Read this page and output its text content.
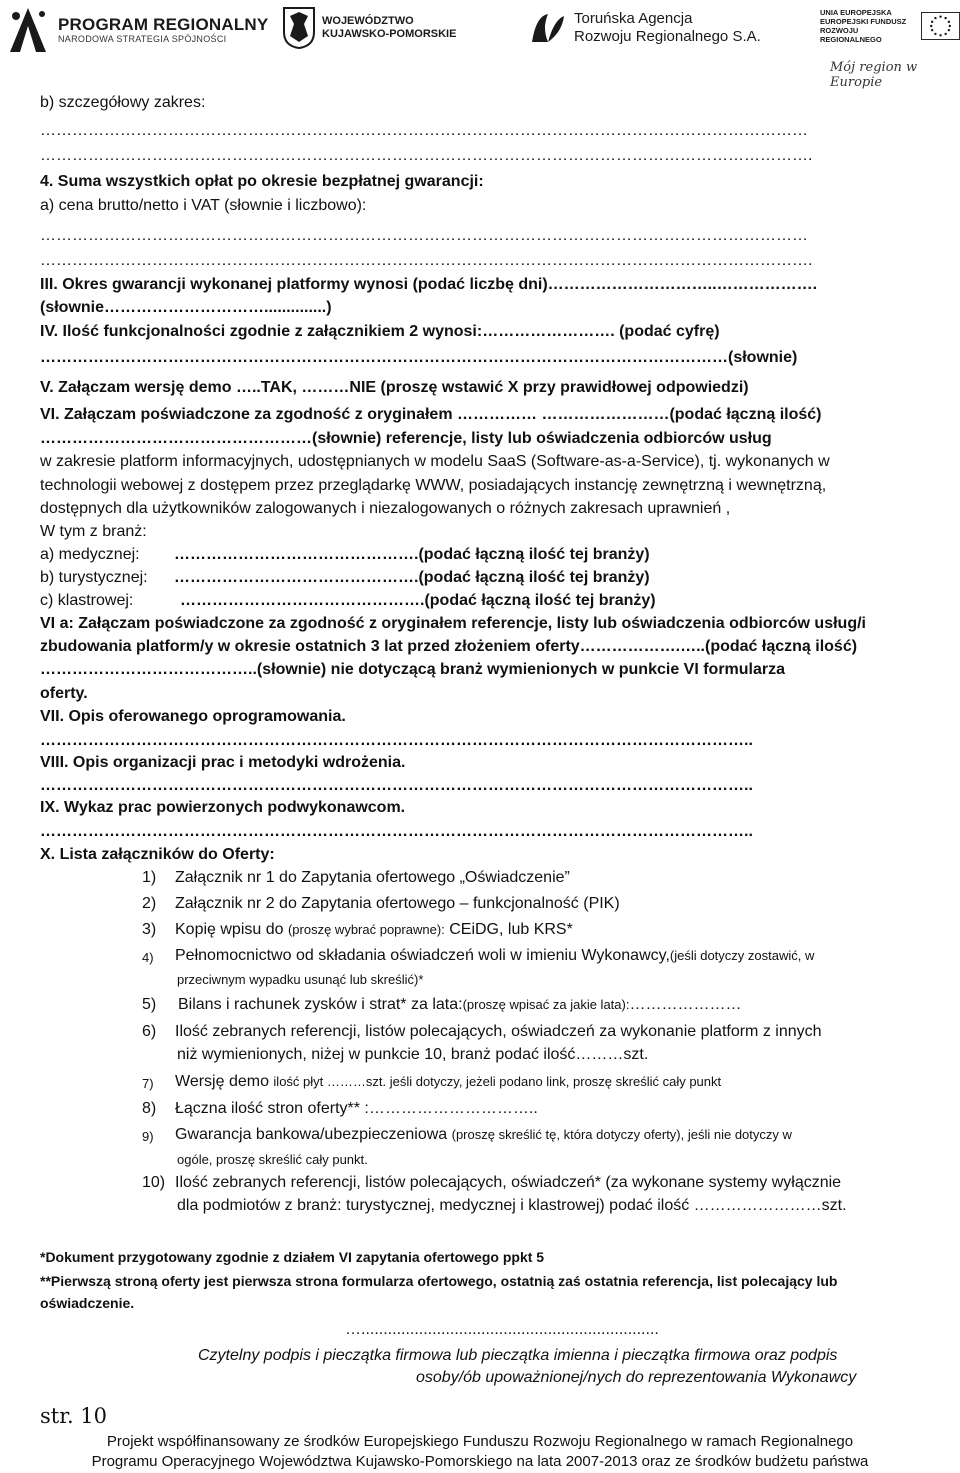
PROGRAM REGIONALNY
NARODOWA STRATEGIA SPÓJNOŚCI
WOJEWÓDZTWO
KUJAWSKO-POMORSKIE
Toruńska Agencja
Rozwoju Regionalnego S.A.
UNIA EUROPEJSKA
EUROPEJSKI FUNDUSZ
ROZWOJU REGIONALNEGO
Mój region w Europie
b) szczegółowy zakres:
………………………………………………………………………………………………………………………………
……………………………………………………………………………………………………………………………….
4. Suma wszystkich opłat po okresie bezpłatnej gwarancji:
a) cena brutto/netto i VAT (słownie i liczbowo):
………………………………………………………………………………………………………………………………
……………………………………………………………………………………………………………………………….
III. Okres gwarancji wykonanej platformy wynosi (podać liczbę dni)…………………………..……………….
(słownie…………………………..............)
IV. Ilość funkcjonalności zgodnie z załącznikiem 2 wynosi:……………………. (podać cyfrę)
…………………………………………………………………………………………………………………(słownie)
V. Załączam wersję demo …..TAK, ………NIE (proszę wstawić X przy prawidłowej odpowiedzi)
VI. Załączam poświadczone za zgodność z oryginałem …………… ……………………(podać łączną ilość)
……………………………………………(słownie) referencje, listy lub oświadczenia odbiorców usług
w zakresie platform informacyjnych, udostępnianych w modelu SaaS (Software-as-a-Service), tj. wykonanych w
technologii webowej z dostępem przez przeglądarkę WWW, posiadających instancję zewnętrzną i wewnętrzną,
dostępnych dla użytkowników zalogowanych i niezalogowanych o różnych zakresach uprawnień ,
W tym z branż:
a) medycznej: ……………………………………….(podać łączną ilość tej branży)
b) turystycznej: ……………………………………….(podać łączną ilość tej branży)
c) klastrowej:	……………………………………….(podać łączną ilość tej branży)
VI a: Załączam poświadczone za zgodność z oryginałem referencje, listy lub oświadczenia odbiorców usług/i
zbudowania platform/y w okresie ostatnich 3 lat przed złożeniem oferty……………….…..(podać łączną ilość)
…………………………………..(słownie) nie dotyczącą branż wymienionych w punkcie VI formularza
oferty.
VII. Opis oferowanego oprogramowania.
……………………………………………………………………………………………………………………..
VIII. Opis organizacji prac i metodyki wdrożenia.
……………………………………………………………………………………………………………………..
IX. Wykaz prac powierzonych podwykonawcom.
……………………………………………………………………………………………………………………..
X. Lista załączników do Oferty:
1) Załącznik nr 1 do Zapytania ofertowego „Oświadczenie”
2) Załącznik nr 2 do Zapytania ofertowego – funkcjonalność (PIK)
3) Kopię wpisu do (proszę wybrać poprawne): CEiDG, lub KRS*
4) Pełnomocnictwo od składania oświadczeń woli w imieniu Wykonawcy,(jeśli dotyczy zostawić, w
przeciwnym wypadku usunąć lub skreślić)*
5) Bilans i rachunek zysków i strat* za lata:(proszę wpisać za jakie lata):…………………
6) Ilość zebranych referencji, listów polecających, oświadczeń za wykonanie platform z innych
niż wymienionych, niżej w punkcie 10, branż podać ilość………szt.
7) Wersję demo ilość płyt ………szt. jeśli dotyczy, jeżeli podano link, proszę skreślić cały punkt
8) Łączna ilość stron oferty** :…………………………..
9) Gwarancja bankowa/ubezpieczeniowa (proszę skreślić tę, która dotyczy oferty), jeśli nie dotyczy w
ogóle, proszę skreślić cały punkt.
10) Ilość zebranych referencji, listów polecających, oświadczeń* (za wykonane systemy wyłącznie
dla podmiotów z branż: turystycznej, medycznej i klastrowej) podać ilość ……………………szt.
*Dokument przygotowany zgodnie z działem VI zapytania ofertowego ppkt 5
**Pierwszą stroną oferty jest pierwsza strona formularza ofertowego, ostatnią zaś ostatnia referencja, list polecający lub
oświadczenie.
…...................................................................
Czytelny podpis i pieczątka firmowa lub pieczątka imienna i pieczątka firmowa oraz podpis
osoby/ób upoważnionej/nych do reprezentowania Wykonawcy
str. 10
Projekt współfinansowany ze środków Europejskiego Funduszu Rozwoju Regionalnego w ramach Regionalnego
Programu Operacyjnego Województwa Kujawsko-Pomorskiego na lata 2007-2013 oraz ze środków budżetu państwa
